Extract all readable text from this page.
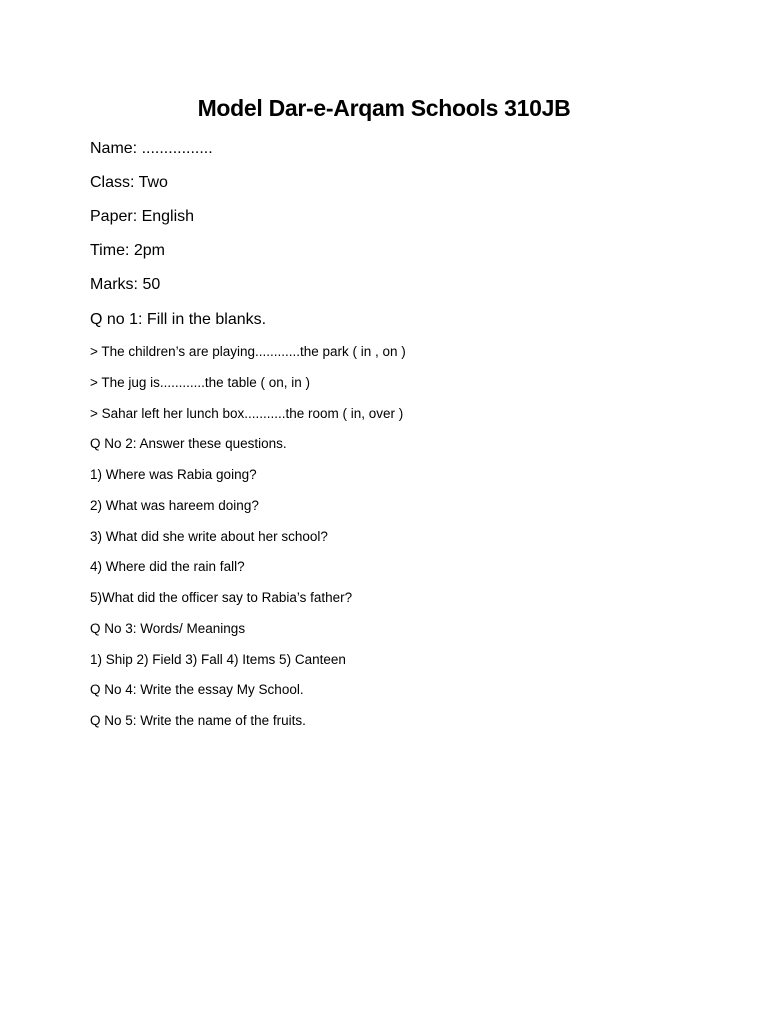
Model Dar-e-Arqam Schools 310JB
Name: ................
Class: Two
Paper: English
Time: 2pm
Marks: 50
Q no 1: Fill in the blanks.
> The children’s are playing............the park ( in , on )
> The jug is............the table ( on, in )
> Sahar left her lunch box...........the room ( in, over )
Q No 2: Answer these questions.
1) Where was Rabia going?
2) What was hareem doing?
3) What did she write about her school?
4) Where did the rain fall?
5)What did the officer say to Rabia’s father?
Q No 3: Words/ Meanings
1) Ship 2) Field 3) Fall 4) Items 5) Canteen
Q No 4: Write the essay My School.
Q No 5: Write the name of the fruits.
